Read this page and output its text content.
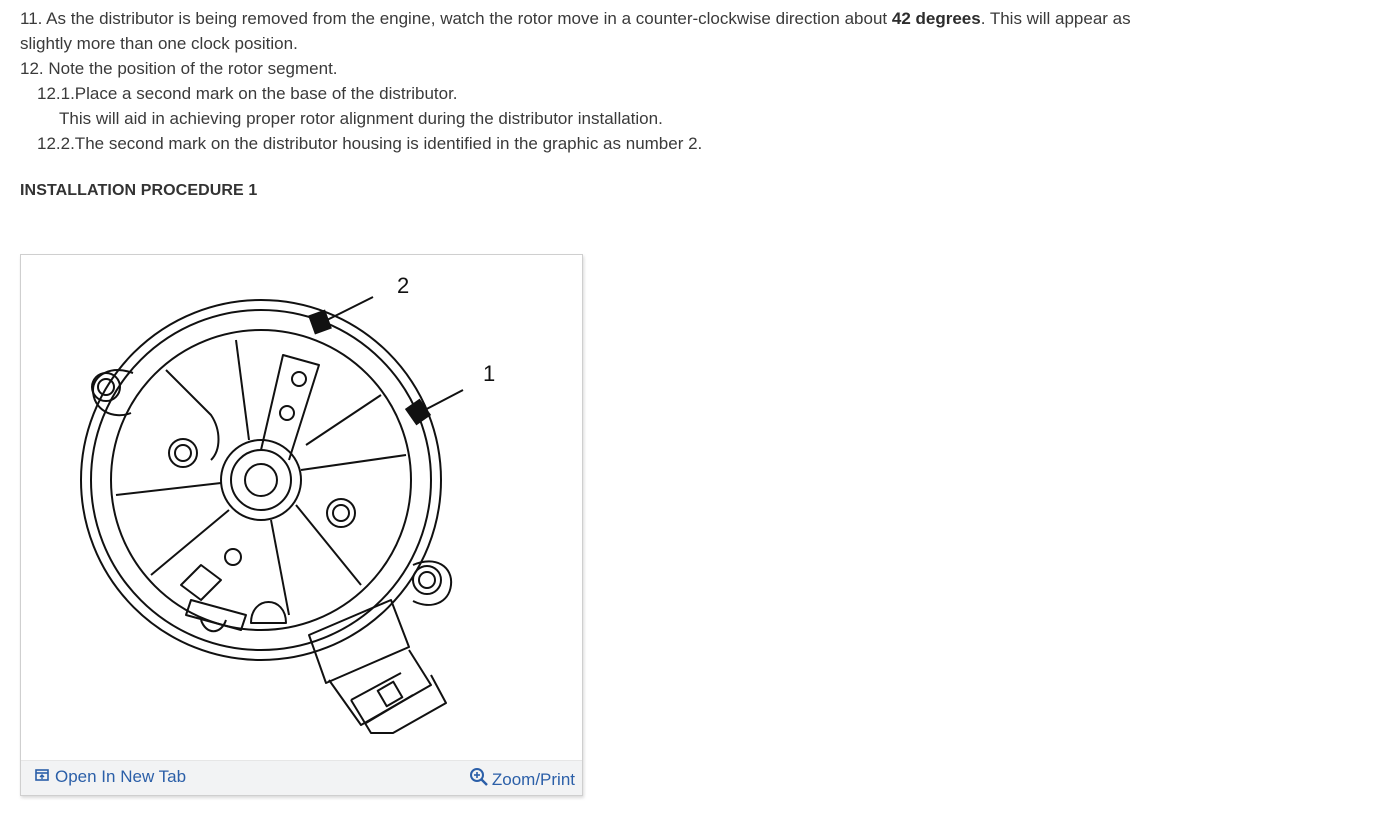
11. As the distributor is being removed from the engine, watch the rotor move in a counter-clockwise direction about 42 degrees. This will appear as
slightly more than one clock position.
12. Note the position of the rotor segment.
12.1.Place a second mark on the base of the distributor.
This will aid in achieving proper rotor alignment during the distributor installation.
12.2.The second mark on the distributor housing is identified in the graphic as number 2.
INSTALLATION PROCEDURE 1
2
1
Open In New Tab	Zoom/Print
